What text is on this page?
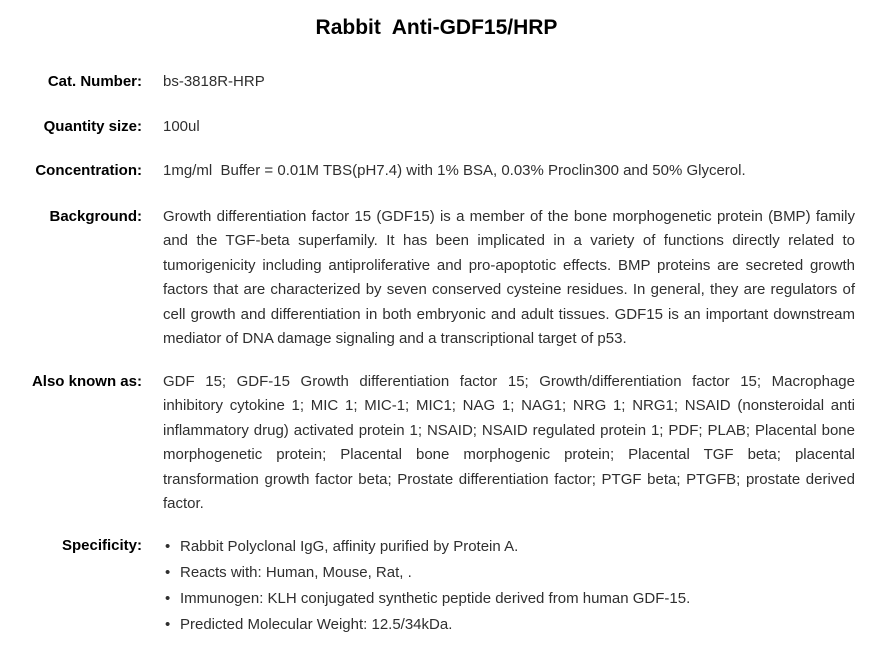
Rabbit  Anti-GDF15/HRP
Cat. Number: bs-3818R-HRP
Quantity size: 100ul
Concentration: 1mg/ml  Buffer = 0.01M TBS(pH7.4) with 1% BSA, 0.03% Proclin300 and 50% Glycerol.
Background: Growth differentiation factor 15 (GDF15) is a member of the bone morphogenetic protein (BMP) family and the TGF-beta superfamily. It has been implicated in a variety of functions directly related to tumorigenicity including antiproliferative and pro-apoptotic effects. BMP proteins are secreted growth factors that are characterized by seven conserved cysteine residues. In general, they are regulators of cell growth and differentiation in both embryonic and adult tissues. GDF15 is an important downstream mediator of DNA damage signaling and a transcriptional target of p53.
Also known as: GDF 15; GDF-15 Growth differentiation factor 15; Growth/differentiation factor 15; Macrophage inhibitory cytokine 1; MIC 1; MIC-1; MIC1; NAG 1; NAG1; NRG 1; NRG1; NSAID (nonsteroidal anti inflammatory drug) activated protein 1; NSAID; NSAID regulated protein 1; PDF; PLAB; Placental bone morphogenetic protein; Placental bone morphogenic protein; Placental TGF beta; placental transformation growth factor beta; Prostate differentiation factor; PTGF beta; PTGFB; prostate derived factor.
Specificity: • Rabbit Polyclonal IgG, affinity purified by Protein A.
• Reacts with: Human, Mouse, Rat, .
• Immunogen: KLH conjugated synthetic peptide derived from human GDF-15.
• Predicted Molecular Weight: 12.5/34kDa.
